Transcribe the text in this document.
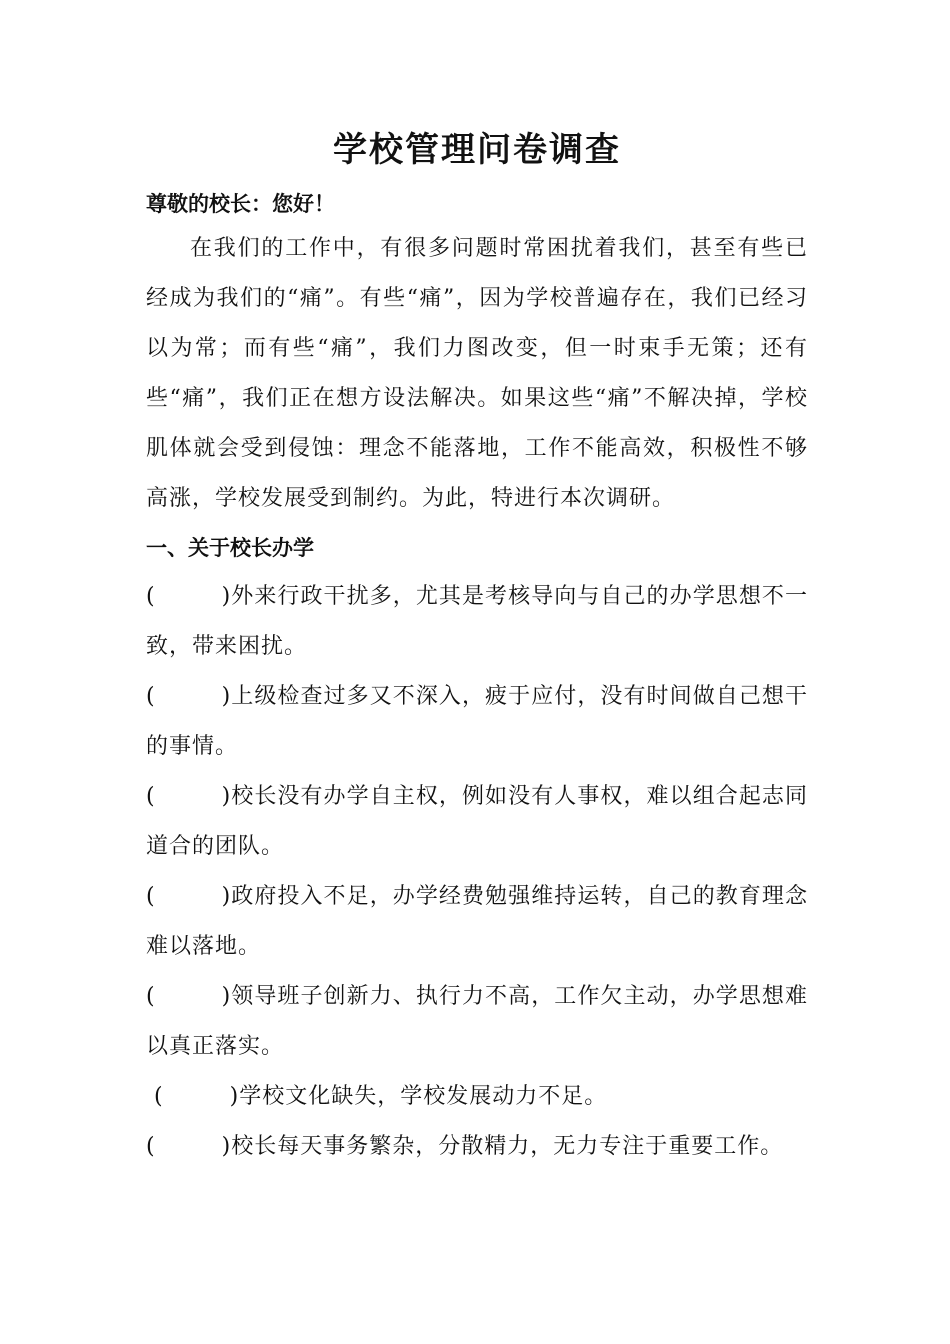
学校管理问卷调查

尊敬的校长：您好！

在我们的工作中，有很多问题时常困扰着我们，甚至有些已经成为我们的“痛”。有些“痛”，因为学校普遍存在，我们已经习以为常；而有些“痛”，我们力图改变，但一时束手无策；还有些“痛”，我们正在想方设法解决。如果这些“痛”不解决掉，学校肌体就会受到侵蚀：理念不能落地，工作不能高效，积极性不够高涨，学校发展受到制约。为此，特进行本次调研。

一、关于校长办学

(	)外来行政干扰多，尤其是考核导向与自己的办学思想不一致，带来困扰。

(	)上级检查过多又不深入，疲于应付，没有时间做自己想干的事情。

(	)校长没有办学自主权，例如没有人事权，难以组合起志同道合的团队。

(	)政府投入不足，办学经费勉强维持运转，自己的教育理念难以落地。

(	)领导班子创新力、执行力不高，工作欠主动，办学思想难以真正落实。

(	)学校文化缺失，学校发展动力不足。

(	)校长每天事务繁杂，分散精力，无力专注于重要工作。
